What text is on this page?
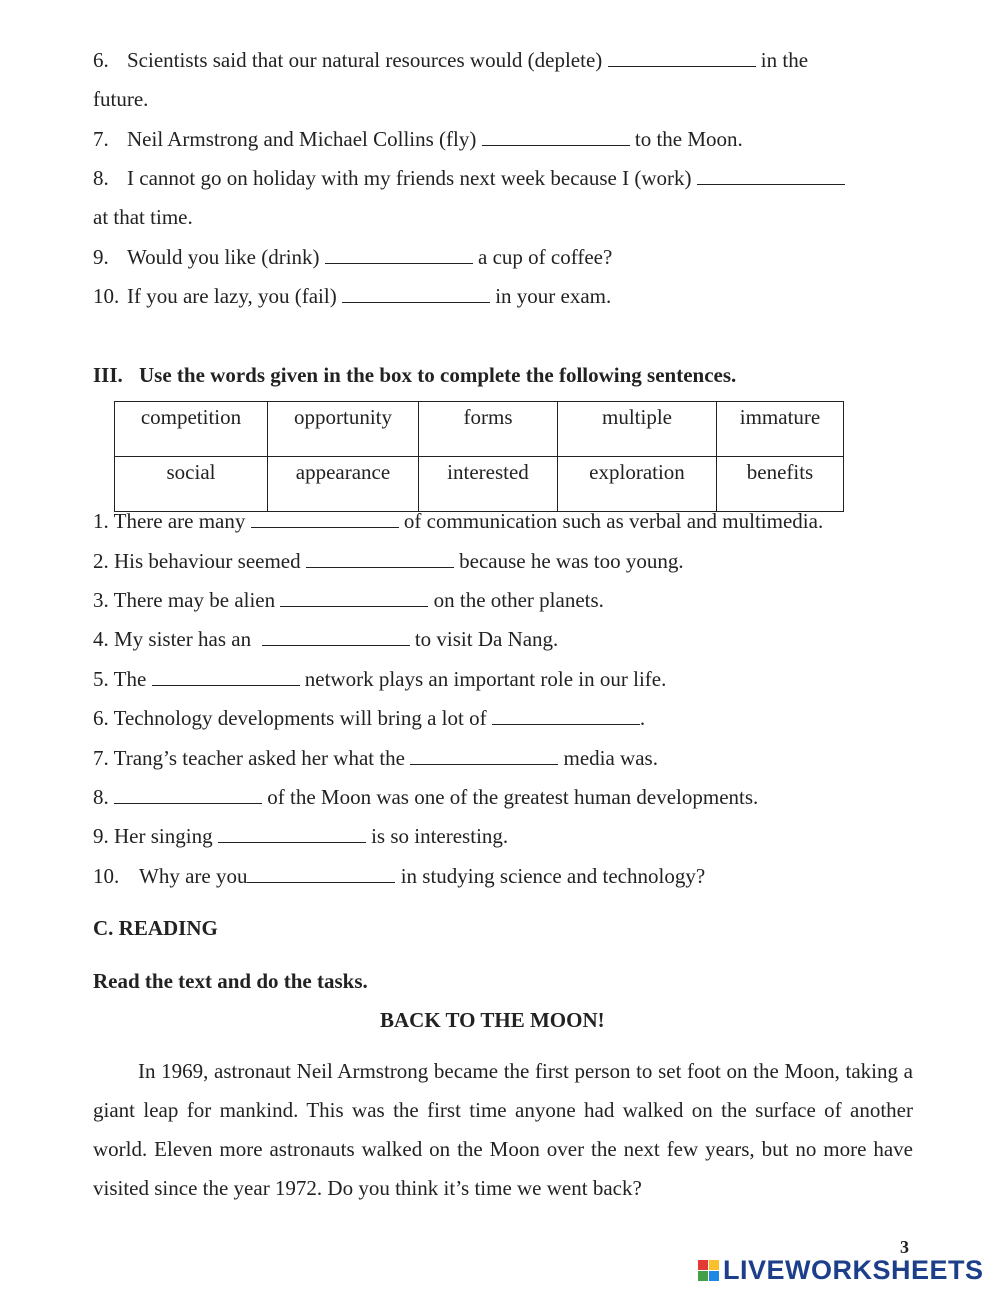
6. Scientists said that our natural resources would (deplete)	in the
future.
7. Neil Armstrong and Michael Collins (fly)	to the Moon.
8. I cannot go on holiday with my friends next week because I (work)
at that time.
9. Would you like (drink)	a cup of coffee?
10. If you are lazy, you (fail)	in your exam.
III. Use the words given in the box to complete the following sentences.
competition	opportunity	forms	multiple	immature
social	appearance	interested	exploration	benefits
1. There are many	of communication such as verbal and multimedia.
2. His behaviour seemed	because he was too young.
3. There may be alien	on the other planets.
4. My sister has an	to visit Da Nang.
5. The	network plays an important role in our life.
6. Technology developments will bring a lot of	.
7. Trang’s teacher asked her what the	media was.
8.	of the Moon was one of the greatest human developments.
9. Her singing	is so interesting.
10. Why are you	in studying science and technology?
C. READING
Read the text and do the tasks.
BACK TO THE MOON!
In 1969, astronaut Neil Armstrong became the first person to set foot on the Moon, taking a giant leap for mankind. This was the first time anyone had walked on the surface of another world. Eleven more astronauts walked on the Moon over the next few years, but no more have visited since the year 1972. Do you think it’s time we went back?
3
LIVEWORKSHEETS
